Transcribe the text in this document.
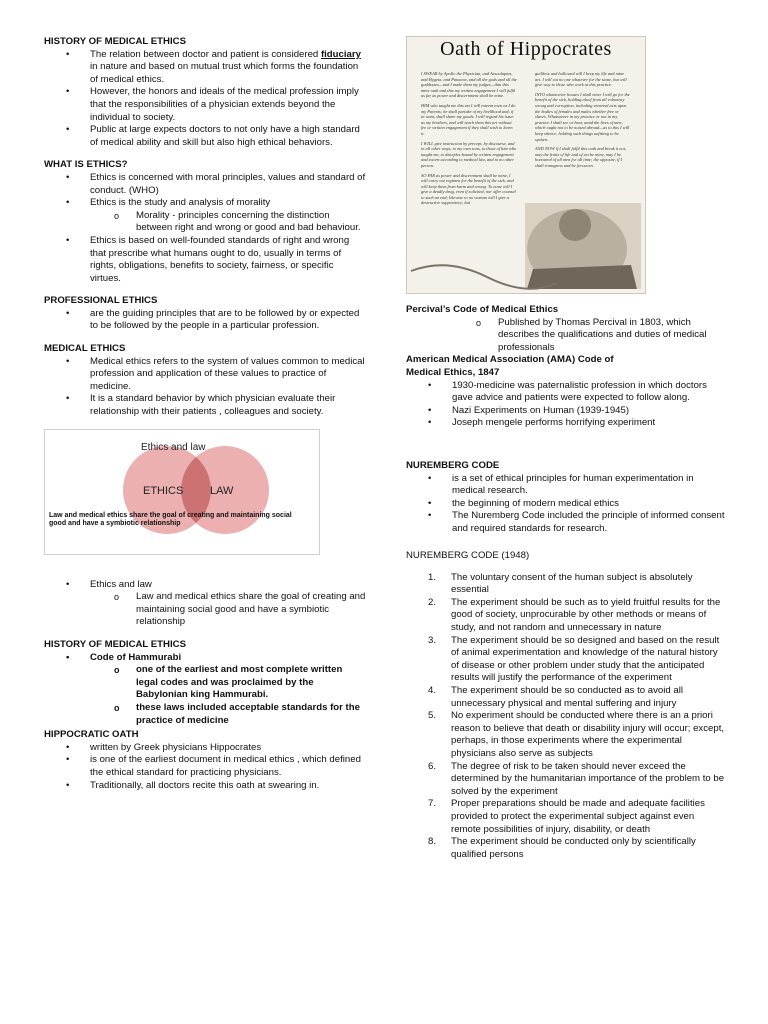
HISTORY OF MEDICAL ETHICS

• The relation between doctor and patient is considered fiduciary in nature and based on mutual trust which forms the foundation of medical ethics.
• However, the honors and ideals of the medical profession imply that the responsibilities of a physician extends beyond the individual to society.
• Public at large expects doctors to not only have a high standard of medical ability and skill but also high ethical behaviors.

WHAT IS ETHICS?

• Ethics is concerned with moral principles, values and standard of conduct. (WHO)
• Ethics is the study and analysis of morality
o Morality - principles concerning the distinction between right and wrong or good and bad behaviour.
• Ethics is based on well-founded standards of right and wrong that prescribe what humans ought to do, usually in terms of rights, obligations, benefits to society, fairness, or specific virtues.

PROFESSIONAL ETHICS

• are the guiding principles that are to be followed by or expected to be followed by the people in a particular profession.

MEDICAL ETHICS

• Medical ethics refers to the system of values common to medical profession and application of these values to practice of medicine.
• It is a standard behavior by which physician evaluate their relationship with their patients , colleagues and society.
ETHICS LAW
Ethics and law
Law and medical ethics share the goal of creating and maintaining social good and have a symbiotic relationship
• Ethics and law
o Law and medical ethics share the goal of creating and maintaining social good and have a symbiotic relationship

HISTORY OF MEDICAL ETHICS

• Code of Hammurabi
o one of the earliest and most complete written legal codes and was proclaimed by the Babylonian king Hammurabi.
o these laws included acceptable standards for the practice of medicine

HIPPOCRATIC OATH

• written by Greek physicians Hippocrates
• is one of the earliest document in medical ethics , which defined the ethical standard for practicing physicians.
• Traditionally, all doctors recite this oath at swearing in.
Oath of Hippocrates

I SWEAR by Apollo the Physician, and Aesculapius, and Hygeia, and Panacea, and all the gods and all the goddesses—and I make them my judges—that this mine oath and this my written engagement I will fulfil as far as power and discernment shall be mine.

HIM who taught me this art I will esteem even as I do my Parents; he shall partake of my livelihood and, if in want, shall share my goods. I will regard his issue as my brothers, and will teach them this art without fee or written engagement if they shall wish to learn it.

I WILL give instruction by precept, by discourse, and in all other ways, to my own sons, to those of him who taught me, to disciples bound by written engagement and sworn according to medical law, and to no other person.

SO FAR as power and discernment shall be mine, I will carry out regimen for the benefit of the sick, and will keep them from harm and wrong. To none will I give a deadly drug, even if solicited, nor offer counsel to such an end; likewise to no woman will I give a destructive suppository; but

guiltless and hallowed will I keep my life and mine art. I will cut no one whatever for the stone, but will give way to those who work at this practice.

INTO whatsoever houses I shall enter I will go for the benefit of the sick, holding aloof from all voluntary wrong and corruption, including venereal acts upon the bodies of females and males whether free or slaves. Whatsoever in my practice or not in my practice I shall see or hear, amid the lives of men, which ought not to be noised abroad—as to this I will keep silence, holding such things unfitting to be spoken.

AND NOW if I shall fulfil this oath and break it not, may the fruits of life and of art be mine, may I be honoured of all men for all time; the opposite, if I shall transgress and be forsworn.

Percival’s Code of Medical Ethics

o Published by Thomas Percival in 1803, which describes the qualifications and duties of medical professionals

American Medical Association (AMA) Code of

Medical Ethics, 1847

• 1930-medicine was paternalistic profession in which doctors gave advice and patients were expected to follow along.
• Nazi Experiments on Human (1939-1945)
• Joseph mengele performs horrifying experiment

NUREMBERG CODE

• is a set of ethical principles for human experimentation in medical research.
• the beginning of modern medical ethics
• The Nuremberg Code included the principle of informed consent and required standards for research.

NUREMBERG CODE (1948)

1. The voluntary consent of the human subject is absolutely essential
2. The experiment should be such as to yield fruitful results for the good of society, unprocurable by other methods or means of study, and not random and unnecessary in nature
3. The experiment should be so designed and based on the result of animal experimentation and knowledge of the natural history of disease or other problem under study that the anticipated results will justify the performance of the experiment
4. The experiment should be so conducted as to avoid all unnecessary physical and mental suffering and injury
5. No experiment should be conducted where there is an a priori reason to believe that death or disability injury will occur; except, perhaps, in those experiments where the experimental physicians also serve as subjects
6. The degree of risk to be taken should never exceed the determined by the humanitarian importance of the problem to be solved by the experiment
7. Proper preparations should be made and adequate facilities provided to protect the experimental subject against even remote possibilities of injury, disability, or death
8. The experiment should be conducted only by scientifically qualified persons
